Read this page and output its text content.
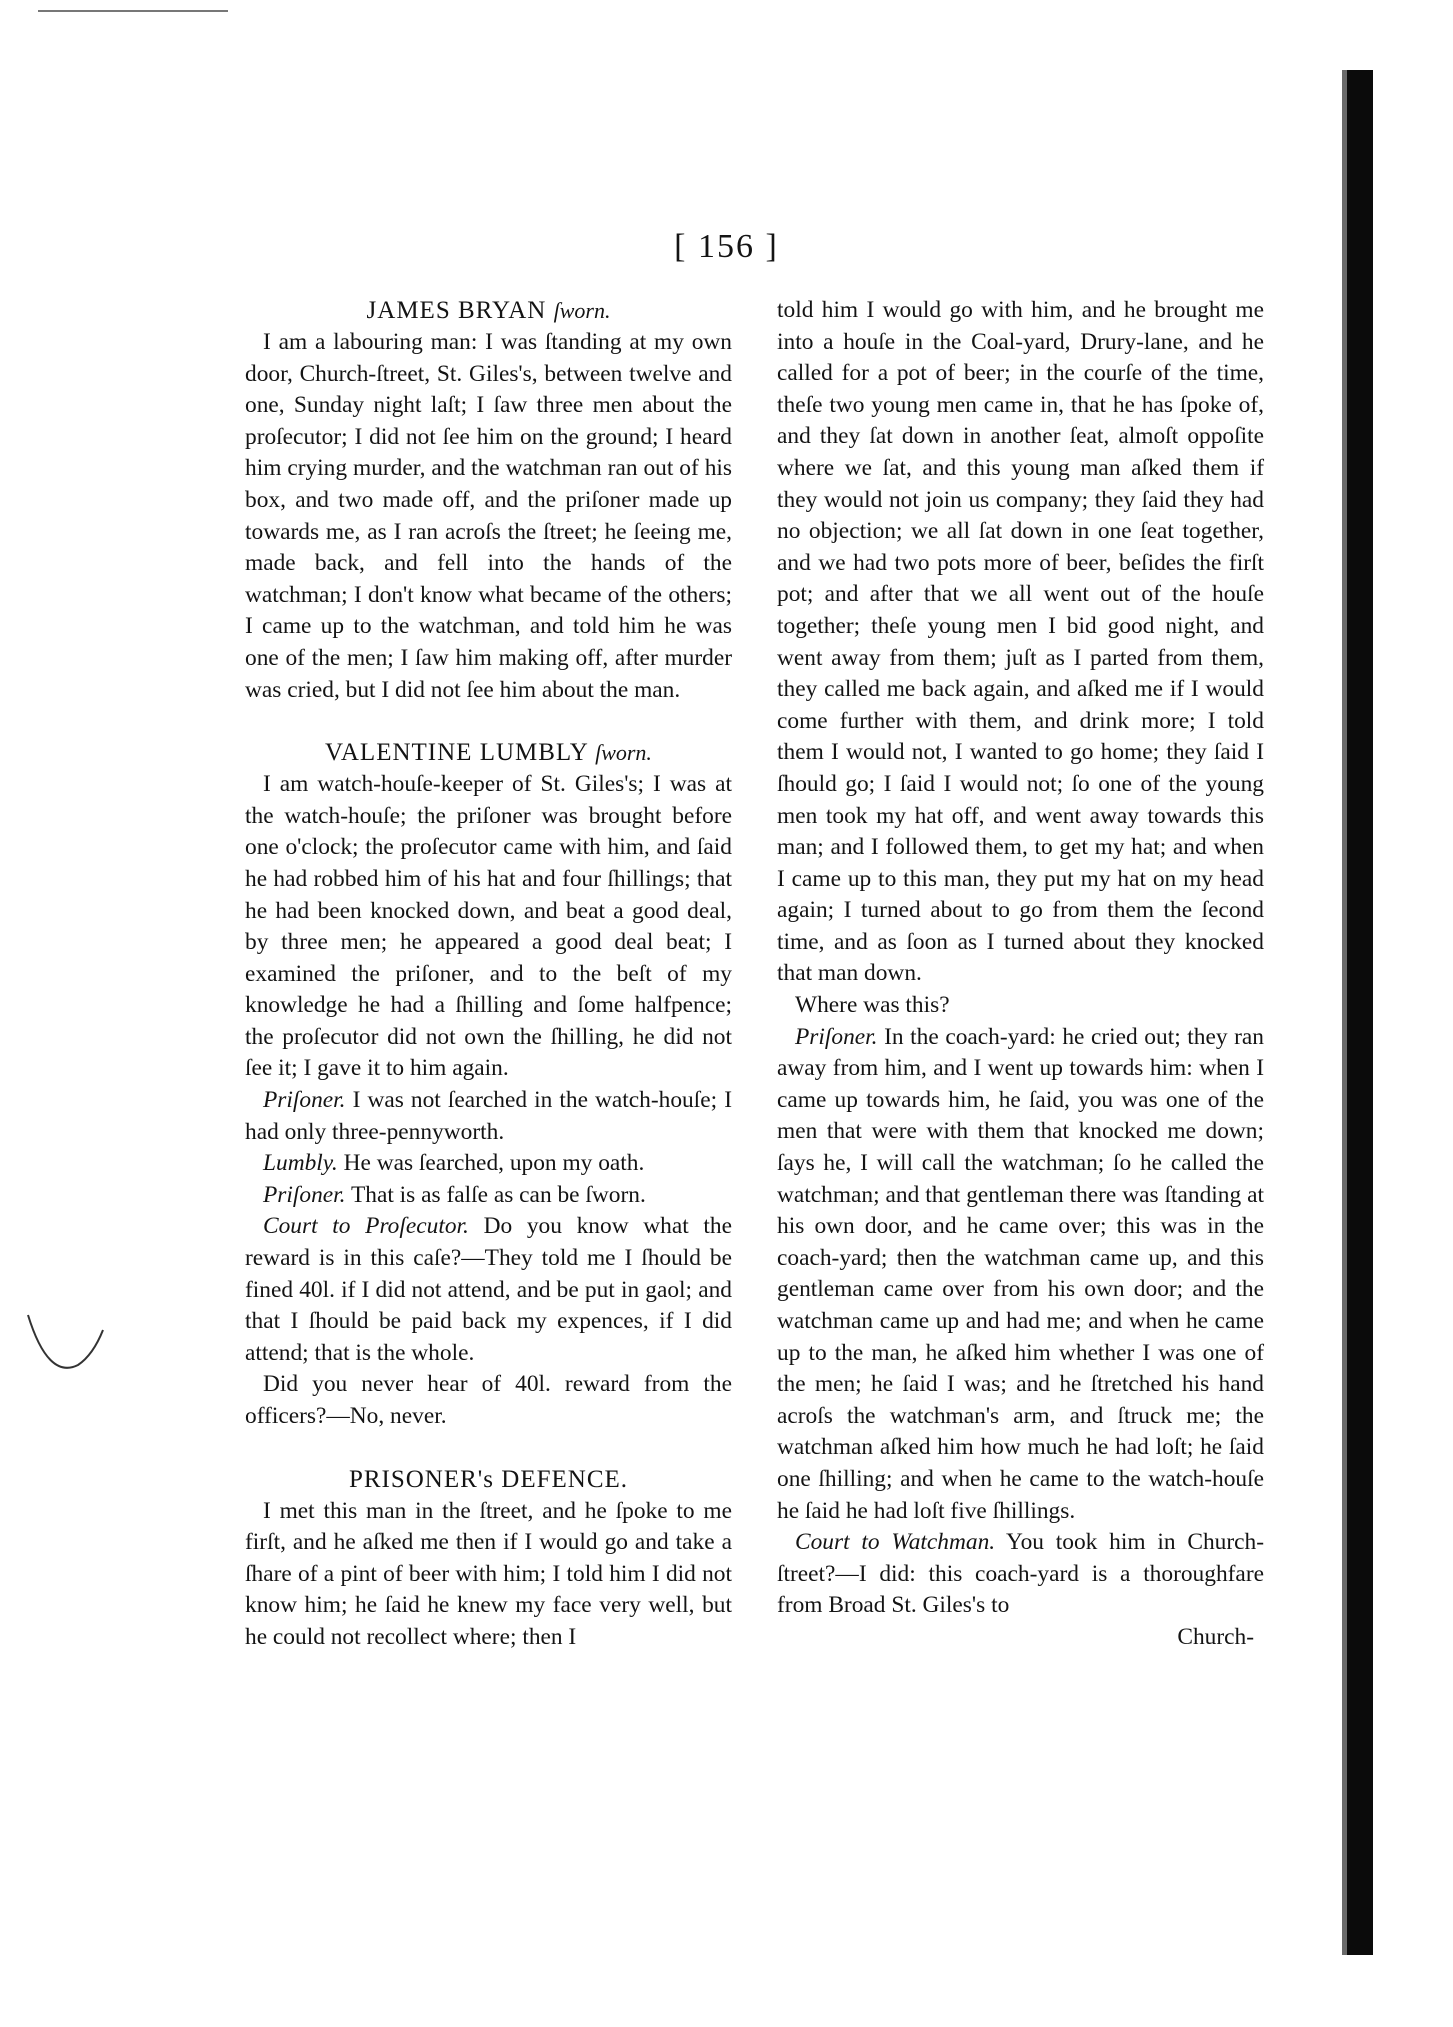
[ 156 ]

JAMES BRYAN ſworn.

I am a labouring man: I was ſtanding at my own door, Church-ſtreet, St. Giles's, between twelve and one, Sunday night laſt; I ſaw three men about the proſecutor; I did not ſee him on the ground; I heard him crying murder, and the watchman ran out of his box, and two made off, and the priſoner made up towards me, as I ran acroſs the ſtreet; he ſeeing me, made back, and fell into the hands of the watchman; I don't know what became of the others; I came up to the watchman, and told him he was one of the men; I ſaw him making off, after murder was cried, but I did not ſee him about the man.

VALENTINE LUMBLY ſworn.

I am watch-houſe-keeper of St. Giles's; I was at the watch-houſe; the priſoner was brought before one o'clock; the proſecutor came with him, and ſaid he had robbed him of his hat and four ſhillings; that he had been knocked down, and beat a good deal, by three men; he appeared a good deal beat; I examined the priſoner, and to the beſt of my knowledge he had a ſhilling and ſome halfpence; the proſecutor did not own the ſhilling, he did not ſee it; I gave it to him again.

Priſoner. I was not ſearched in the watch-houſe; I had only three-pennyworth.

Lumbly. He was ſearched, upon my oath.

Priſoner. That is as falſe as can be ſworn.

Court to Proſecutor. Do you know what the reward is in this caſe?—They told me I ſhould be fined 40l. if I did not attend, and be put in gaol; and that I ſhould be paid back my expences, if I did attend; that is the whole.

Did you never hear of 40l. reward from the officers?—No, never.

PRISONER's DEFENCE.

I met this man in the ſtreet, and he ſpoke to me firſt, and he aſked me then if I would go and take a ſhare of a pint of beer with him; I told him I did not know him; he ſaid he knew my face very well, but he could not recollect where; then I

told him I would go with him, and he brought me into a houſe in the Coal-yard, Drury-lane, and he called for a pot of beer; in the courſe of the time, theſe two young men came in, that he has ſpoke of, and they ſat down in another ſeat, almoſt oppoſite where we ſat, and this young man aſked them if they would not join us company; they ſaid they had no objection; we all ſat down in one ſeat together, and we had two pots more of beer, beſides the firſt pot; and after that we all went out of the houſe together; theſe young men I bid good night, and went away from them; juſt as I parted from them, they called me back again, and aſked me if I would come further with them, and drink more; I told them I would not, I wanted to go home; they ſaid I ſhould go; I ſaid I would not; ſo one of the young men took my hat off, and went away towards this man; and I followed them, to get my hat; and when I came up to this man, they put my hat on my head again; I turned about to go from them the ſecond time, and as ſoon as I turned about they knocked that man down.

Where was this?

Priſoner. In the coach-yard: he cried out; they ran away from him, and I went up towards him: when I came up towards him, he ſaid, you was one of the men that were with them that knocked me down; ſays he, I will call the watchman; ſo he called the watchman; and that gentleman there was ſtanding at his own door, and he came over; this was in the coach-yard; then the watchman came up, and this gentleman came over from his own door; and the watchman came up and had me; and when he came up to the man, he aſked him whether I was one of the men; he ſaid I was; and he ſtretched his hand acroſs the watchman's arm, and ſtruck me; the watchman aſked him how much he had loſt; he ſaid one ſhilling; and when he came to the watch-houſe he ſaid he had loſt five ſhillings.

Court to Watchman. You took him in Church-ſtreet?—I did: this coach-yard is a thoroughfare from Broad St. Giles's to

Church-
